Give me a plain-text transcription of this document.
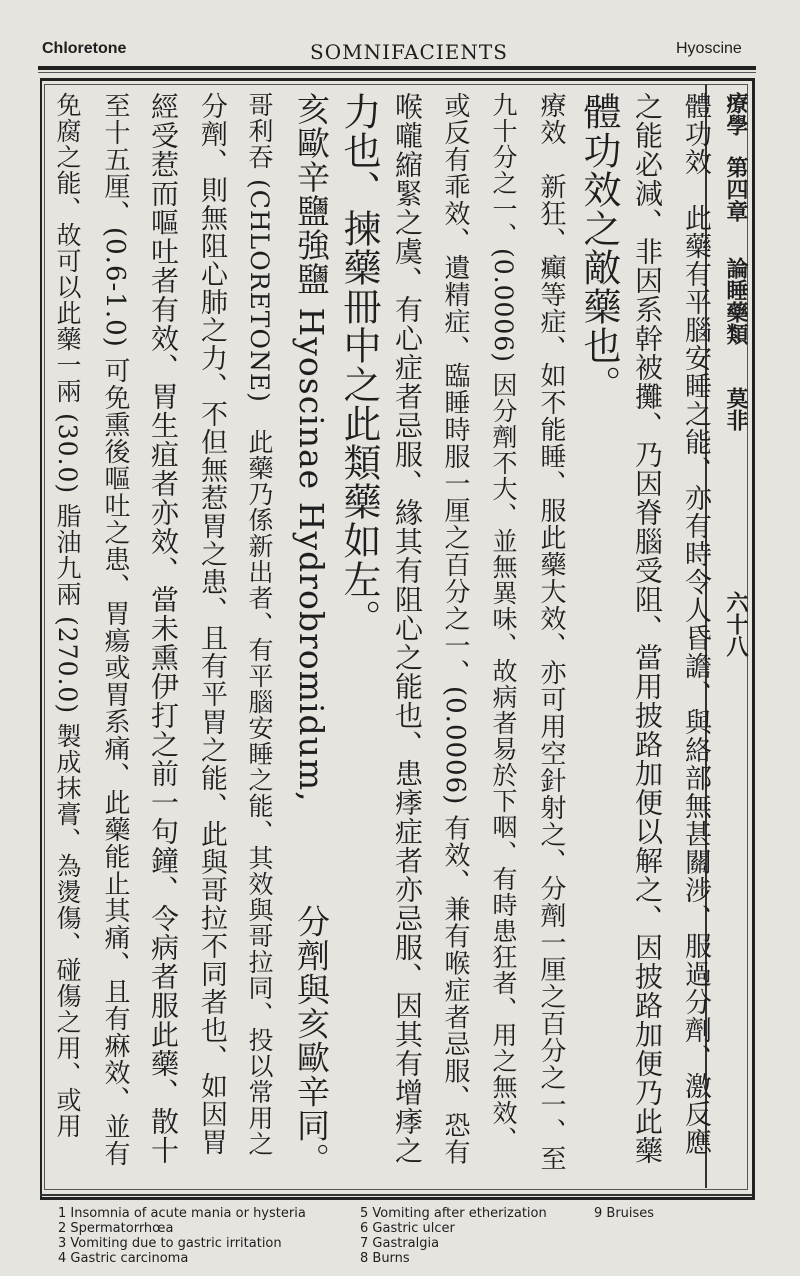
Chloretone	SOMNIFACIENTS	Hyoscine
療學 第四章 論睡藥類 莫非 六十八
體功效　此藥有平腦安睡之能、亦有時令人昏譫、與絡部無甚關涉、服過分劑、激反應
之能必減、非因系幹被攤、乃因脊腦受阻、當用披路加便以解之、因披路加便乃此藥
體功效之敵藥也。
療效　新狂、癲等症、如不能睡、服此藥大效、亦可用空針射之、分劑一厘之百分之一、至
九十分之一、(0.0006) 因分劑不大、並無異味、故病者易於下咽、有時患狂者、用之無效、
或反有乖效、遺精症、臨睡時服一厘之百分之一、(0.0006) 有效、兼有喉症者忌服、恐有
喉嚨縮緊之虞、有心症者忌服、緣其有阻心之能也、患痵症者亦忌服、因其有增痵之
力也、揀藥冊中之此類藥如左。
亥歐辛鹽強鹽 Hyoscinae Hydrobromidum,　　　分劑與亥歐辛同。
哥利吞 (CHLORETONE)　此藥乃係新出者、有平腦安睡之能、其效與哥拉同、投以常用之
分劑、則無阻心肺之力、不但無惹胃之患、且有平胃之能、此與哥拉不同者也、如因胃
經受惹而嘔吐者有效、胃生疽者亦效、當未熏伊打之前一句鐘、令病者服此藥、散十
至十五厘、(0.6-1.0) 可免熏後嘔吐之患、胃瘍或胃系痛、此藥能止其痛、且有痳效、並有
免腐之能、故可以此藥一兩 (30.0) 脂油九兩 (270.0) 製成抹膏、為燙傷、碰傷之用、或用
1 Insomnia of acute mania or hysteria
2 Spermatorrhœa
3 Vomiting due to gastric irritation
4 Gastric carcinoma
5 Vomiting after etherization
6 Gastric ulcer
7 Gastralgia
8 Burns
9 Bruises
